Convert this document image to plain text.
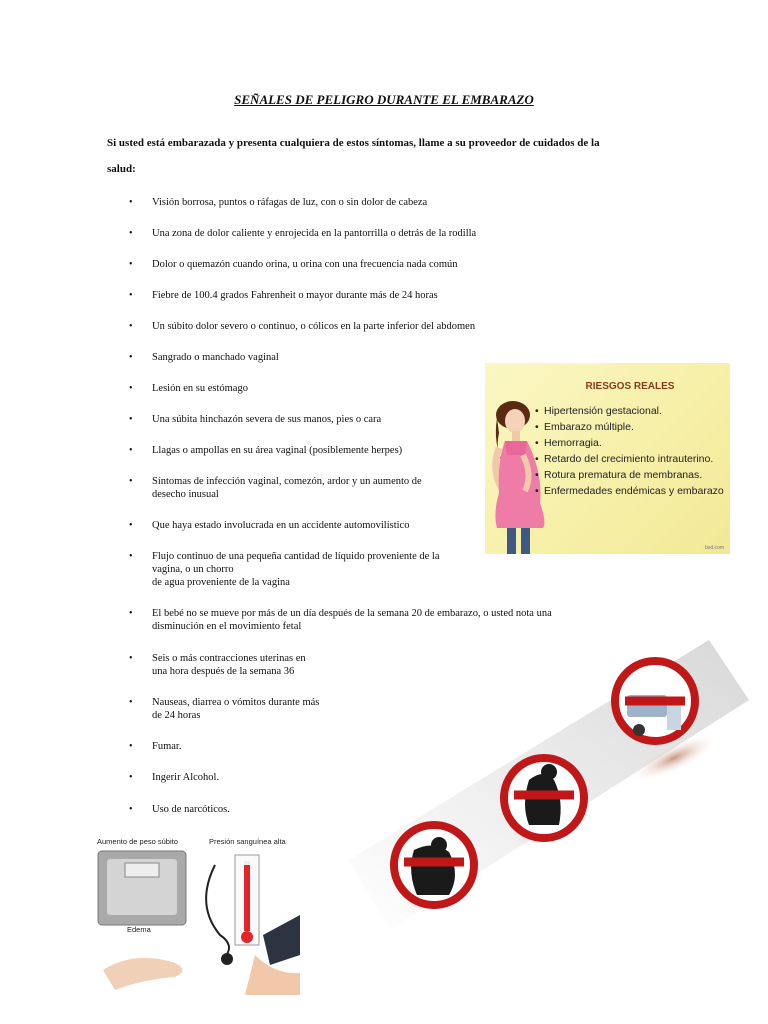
SEÑALES DE PELIGRO DURANTE EL EMBARAZO
Si usted está embarazada y presenta cualquiera de estos síntomas, llame a su proveedor de cuidados de la salud:
• Visión borrosa, puntos o ráfagas de luz, con o sin dolor de cabeza
• Una zona de dolor caliente y enrojecida en la pantorrilla o detrás de la rodilla
• Dolor o quemazón cuando orina, u orina con una frecuencia nada común
• Fiebre de 100.4 grados Fahrenheit o mayor durante más de 24 horas
• Un súbito dolor severo o continuo, o cólicos en la parte inferior del abdomen
• Sangrado o manchado vaginal
• Lesión en su estómago
• Una súbita hinchazón severa de sus manos, pies o cara
• Llagas o ampollas en su área vaginal (posiblemente herpes)
• Síntomas de infección vaginal, comezón, ardor y un aumento de
desecho inusual
• Que haya estado involucrada en un accidente automovilístico
• Flujo continuo de una pequeña cantidad de líquido proveniente de la
vagina, o un chorro
de agua proveniente de la vagina
• El bebé no se mueve por más de un día después de la semana 20 de embarazo, o usted nota una
disminución en el movimiento fetal
• Seis o más contracciones uterinas en
una hora después de la semana 36
• Nauseas, diarrea o vómitos durante más
de 24 horas
• Fumar.
• Ingerir Alcohol.
• Uso de narcóticos.
RIESGOS REALES
• Hipertensión gestacional.
• Embarazo múltiple.
• Hemorragia.
• Retardo del crecimiento intrauterino.
• Rotura prematura de membranas.
• Enfermedades endémicas y embarazo
bsd.com
Aumento de peso súbito	Presión sanguínea alta
Edema
